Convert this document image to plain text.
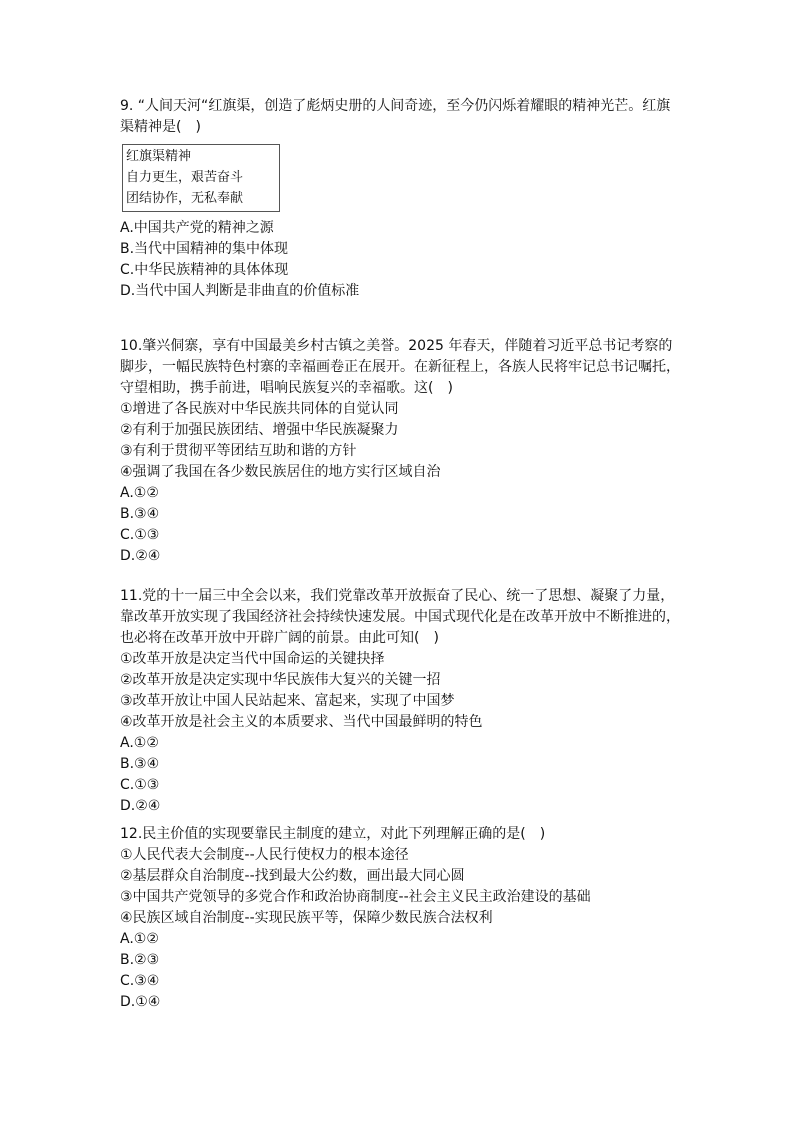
9. “人间天河“红旗渠，创造了彪炳史册的人间奇迹，至今仍闪烁着耀眼的精神光芒。红旗渠精神是(　)

红旗渠精神
自力更生，艰苦奋斗
团结协作，无私奉献
A.中国共产党的精神之源
B.当代中国精神的集中体现
C.中华民族精神的具体体现
D.当代中国人判断是非曲直的价值标准

10.肇兴侗寨，享有中国最美乡村古镇之美誉。2025 年春天，伴随着习近平总书记考察的脚步，一幅民族特色村寨的幸福画卷正在展开。在新征程上，各族人民将牢记总书记嘱托，守望相助，携手前进，唱响民族复兴的幸福歌。这(　)

①增进了各民族对中华民族共同体的自觉认同
②有利于加强民族团结、增强中华民族凝聚力
③有利于贯彻平等团结互助和谐的方针
④强调了我国在各少数民族居住的地方实行区域自治
A.①②
B.③④
C.①③
D.②④

11.党的十一届三中全会以来，我们党靠改革开放振奋了民心、统一了思想、凝聚了力量，靠改革开放实现了我国经济社会持续快速发展。中国式现代化是在改革开放中不断推进的，也必将在改革开放中开辟广阔的前景。由此可知(　)

①改革开放是决定当代中国命运的关键抉择
②改革开放是决定实现中华民族伟大复兴的关键一招
③改革开放让中国人民站起来、富起来，实现了中国梦
④改革开放是社会主义的本质要求、当代中国最鲜明的特色
A.①②
B.③④
C.①③
D.②④

12.民主价值的实现要靠民主制度的建立，对此下列理解正确的是(　)

①人民代表大会制度--人民行使权力的根本途径
②基层群众自治制度--找到最大公约数，画出最大同心圆
③中国共产党领导的多党合作和政治协商制度--社会主义民主政治建设的基础
④民族区域自治制度--实现民族平等，保障少数民族合法权利
A.①②
B.②③
C.③④
D.①④
